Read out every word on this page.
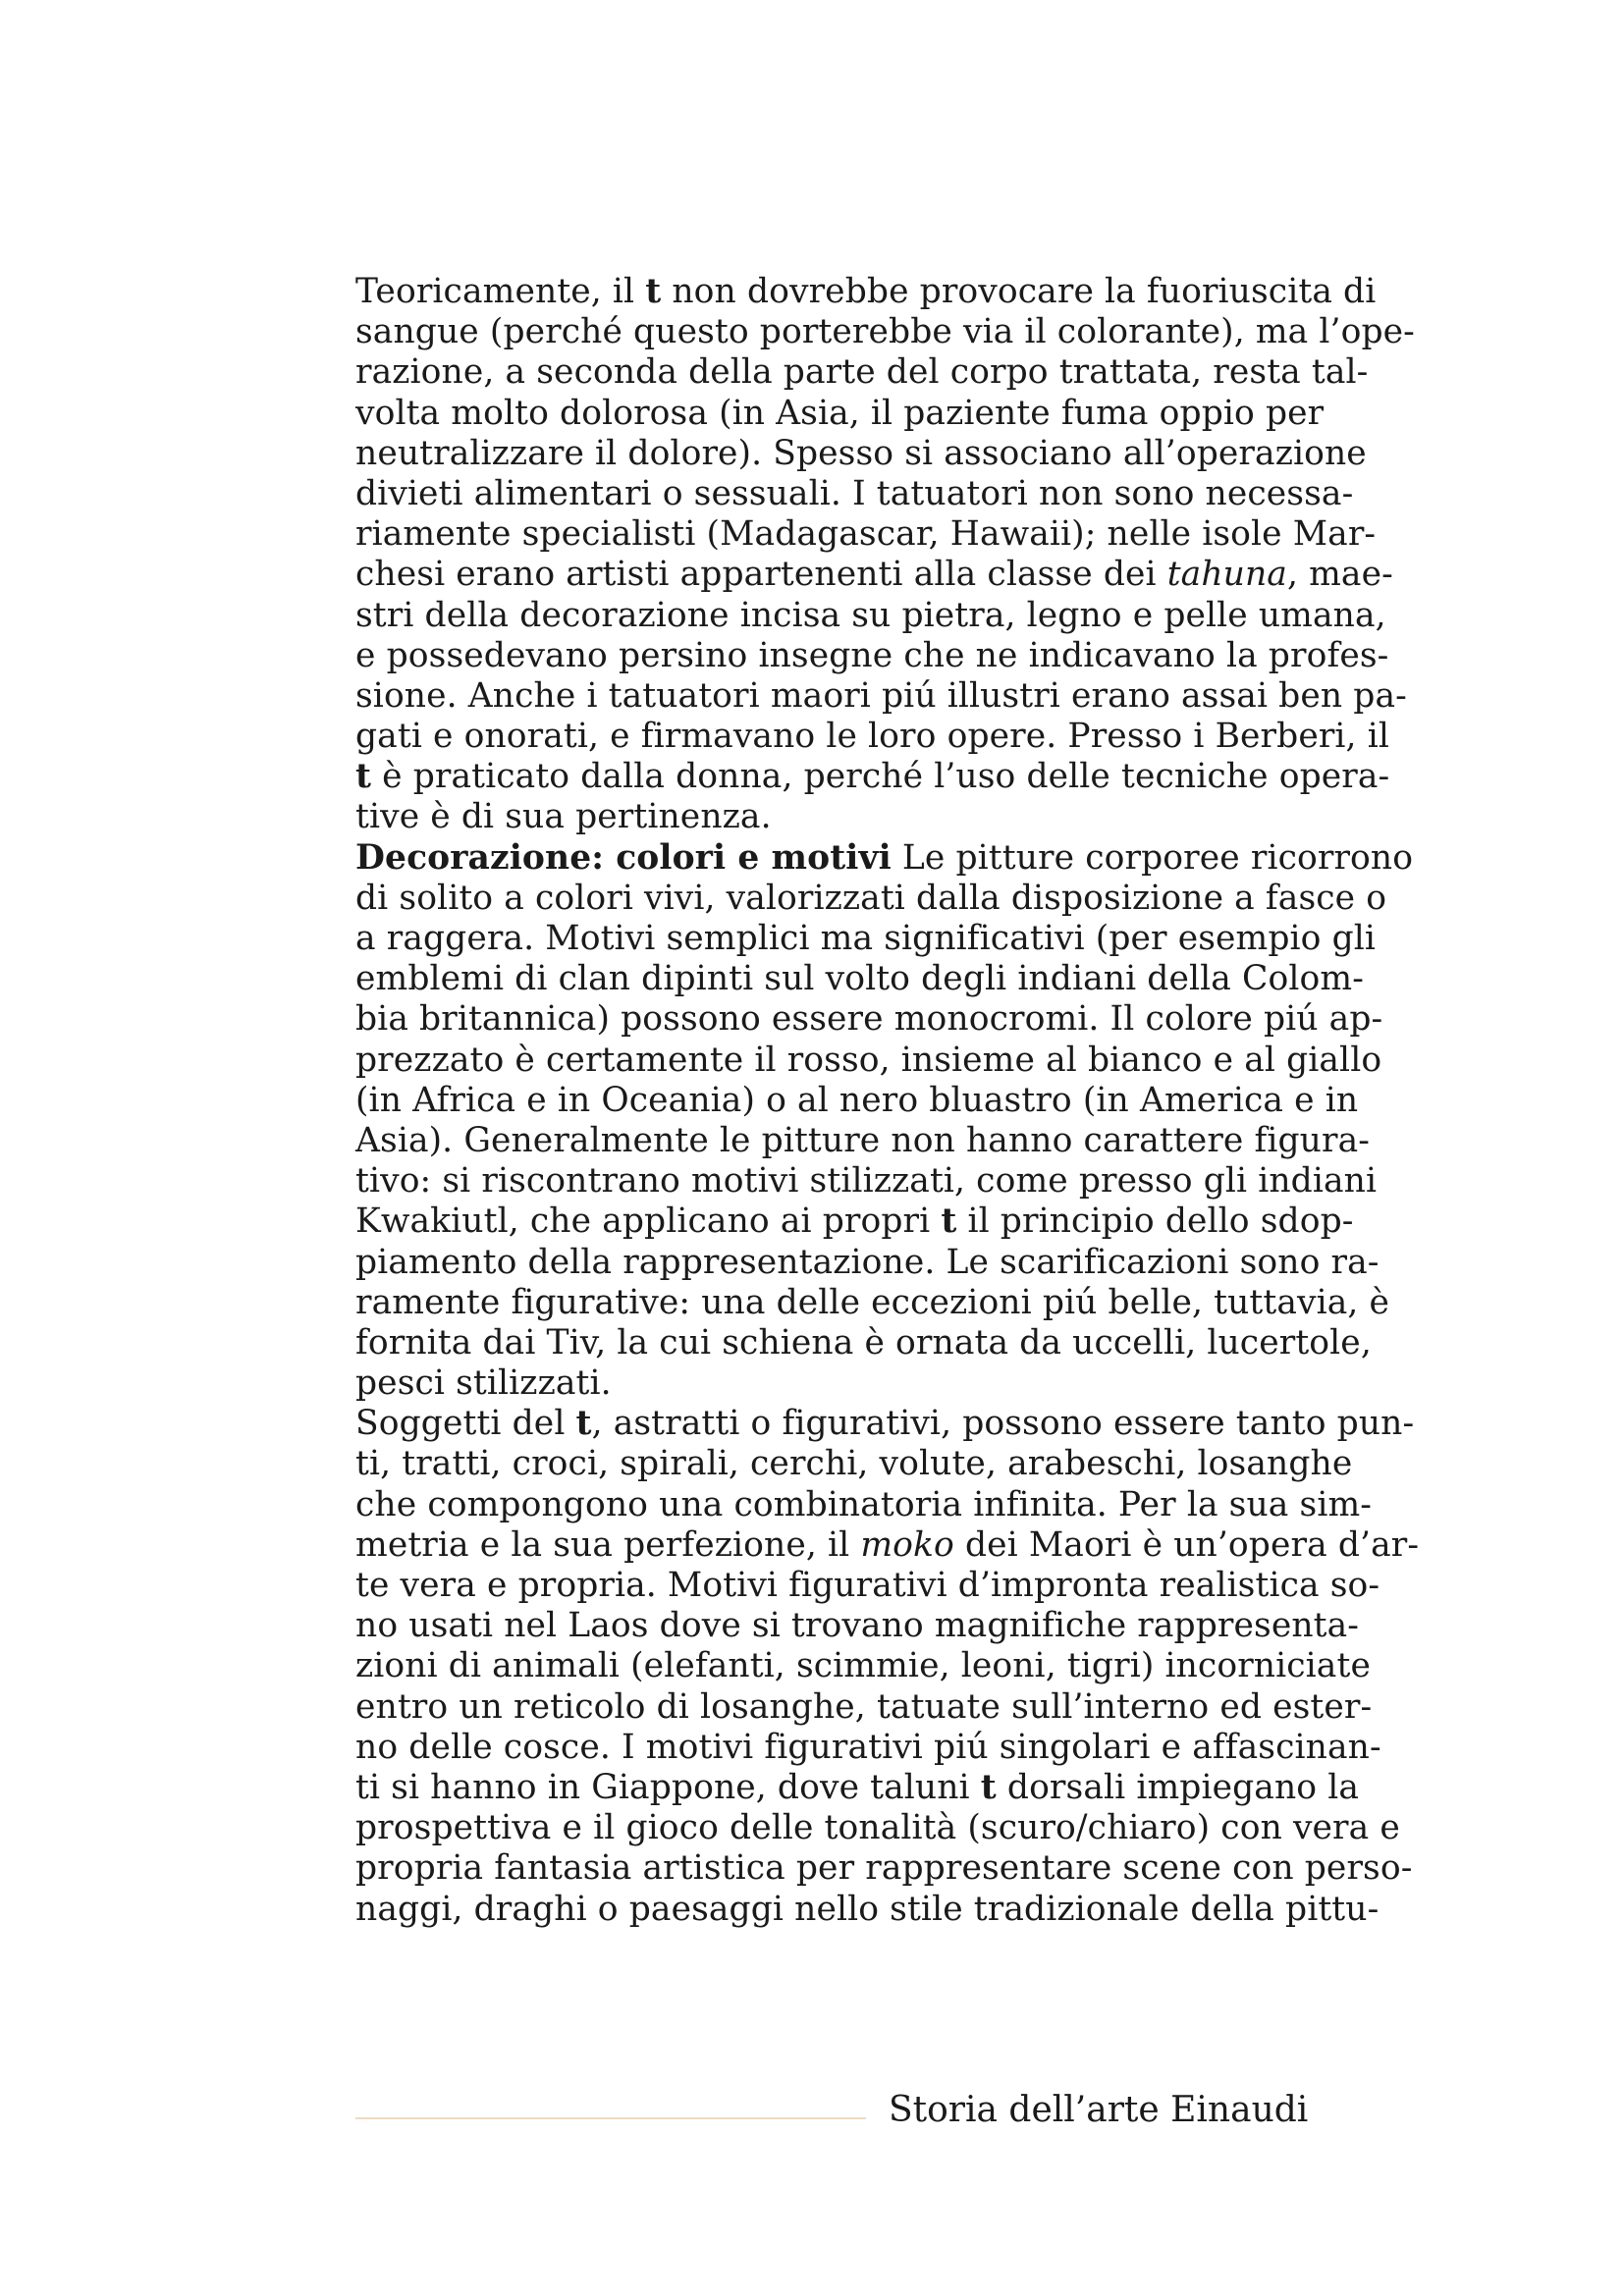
Teoricamente, il t non dovrebbe provocare la fuoriuscita di
sangue (perché questo porterebbe via il colorante), ma l’ope-
razione, a seconda della parte del corpo trattata, resta tal-
volta molto dolorosa (in Asia, il paziente fuma oppio per
neutralizzare il dolore). Spesso si associano all’operazione
divieti alimentari o sessuali. I tatuatori non sono necessa-
riamente specialisti (Madagascar, Hawaii); nelle isole Mar-
chesi erano artisti appartenenti alla classe dei tahuna, mae-
stri della decorazione incisa su pietra, legno e pelle umana,
e possedevano persino insegne che ne indicavano la profes-
sione. Anche i tatuatori maori piú illustri erano assai ben pa-
gati e onorati, e firmavano le loro opere. Presso i Berberi, il
t è praticato dalla donna, perché l’uso delle tecniche opera-
tive è di sua pertinenza.
Decorazione: colori e motivi Le pitture corporee ricorrono
di solito a colori vivi, valorizzati dalla disposizione a fasce o
a raggera. Motivi semplici ma significativi (per esempio gli
emblemi di clan dipinti sul volto degli indiani della Colom-
bia britannica) possono essere monocromi. Il colore piú ap-
prezzato è certamente il rosso, insieme al bianco e al giallo
(in Africa e in Oceania) o al nero bluastro (in America e in
Asia). Generalmente le pitture non hanno carattere figura-
tivo: si riscontrano motivi stilizzati, come presso gli indiani
Kwakiutl, che applicano ai propri t il principio dello sdop-
piamento della rappresentazione. Le scarificazioni sono ra-
ramente figurative: una delle eccezioni piú belle, tuttavia, è
fornita dai Tiv, la cui schiena è ornata da uccelli, lucertole,
pesci stilizzati.
Soggetti del t, astratti o figurativi, possono essere tanto pun-
ti, tratti, croci, spirali, cerchi, volute, arabeschi, losanghe
che compongono una combinatoria infinita. Per la sua sim-
metria e la sua perfezione, il moko dei Maori è un’opera d’ar-
te vera e propria. Motivi figurativi d’impronta realistica so-
no usati nel Laos dove si trovano magnifiche rappresenta-
zioni di animali (elefanti, scimmie, leoni, tigri) incorniciate
entro un reticolo di losanghe, tatuate sull’interno ed ester-
no delle cosce. I motivi figurativi piú singolari e affascinan-
ti si hanno in Giappone, dove taluni t dorsali impiegano la
prospettiva e il gioco delle tonalità (scuro/chiaro) con vera e
propria fantasia artistica per rappresentare scene con perso-
naggi, draghi o paesaggi nello stile tradizionale della pittu-
Storia dell’arte Einaudi
